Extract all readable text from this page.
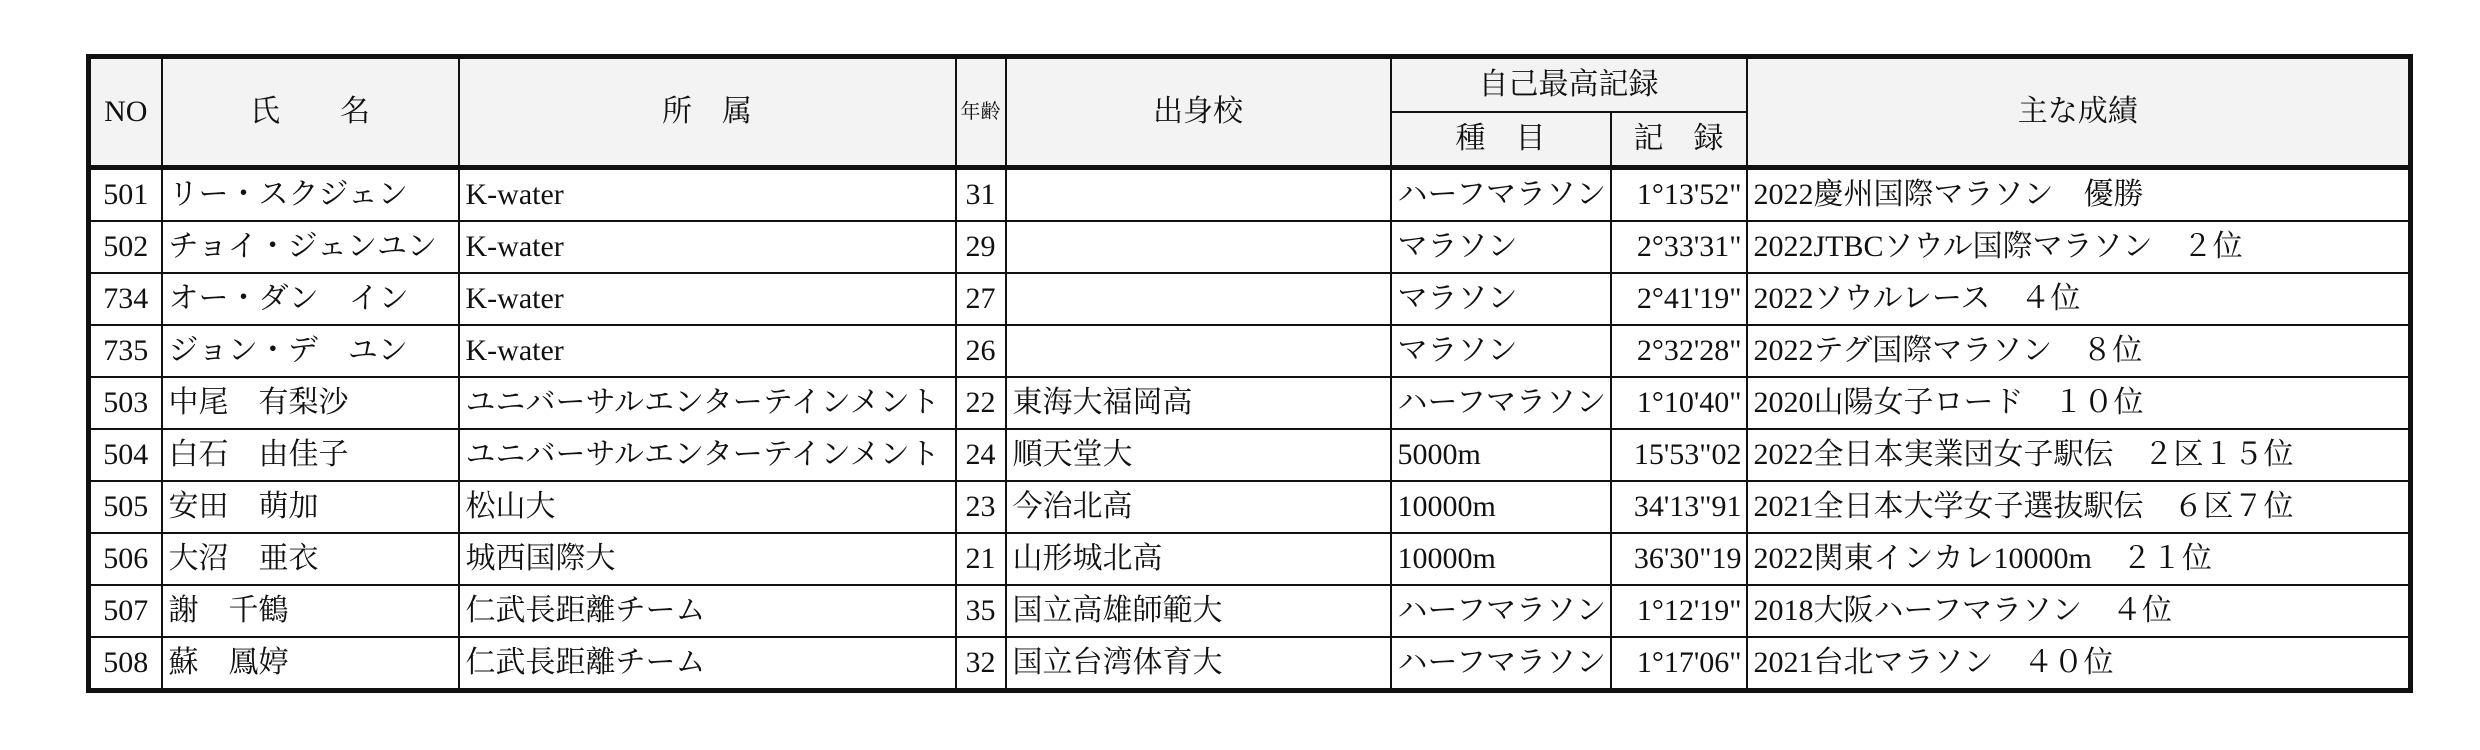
NO	氏　　名	所　属	年齢	出身校	自己最高記録		主な成績
					種　目	記　録	
501	リー・スクジェン	K-water	31		ハーフマラソン	1°13'52"	2022慶州国際マラソン　優勝
502	チョイ・ジェンユン	K-water	29		マラソン	2°33'31"	2022JTBCソウル国際マラソン　２位
734	オー・ダン　イン	K-water	27		マラソン	2°41'19"	2022ソウルレース　４位
735	ジョン・デ　ユン	K-water	26		マラソン	2°32'28"	2022テグ国際マラソン　８位
503	中尾　有梨沙	ユニバーサルエンターテインメント	22	東海大福岡高	ハーフマラソン	1°10'40"	2020山陽女子ロード　１０位
504	白石　由佳子	ユニバーサルエンターテインメント	24	順天堂大	5000m	15'53"02	2022全日本実業団女子駅伝　２区１５位
505	安田　萌加	松山大	23	今治北高	10000m	34'13"91	2021全日本大学女子選抜駅伝　６区７位
506	大沼　亜衣	城西国際大	21	山形城北高	10000m	36'30"19	2022関東インカレ10000m　２１位
507	謝　千鶴	仁武長距離チーム	35	国立高雄師範大	ハーフマラソン	1°12'19"	2018大阪ハーフマラソン　４位
508	蘇　鳳婷	仁武長距離チーム	32	国立台湾体育大	ハーフマラソン	1°17'06"	2021台北マラソン　４０位
